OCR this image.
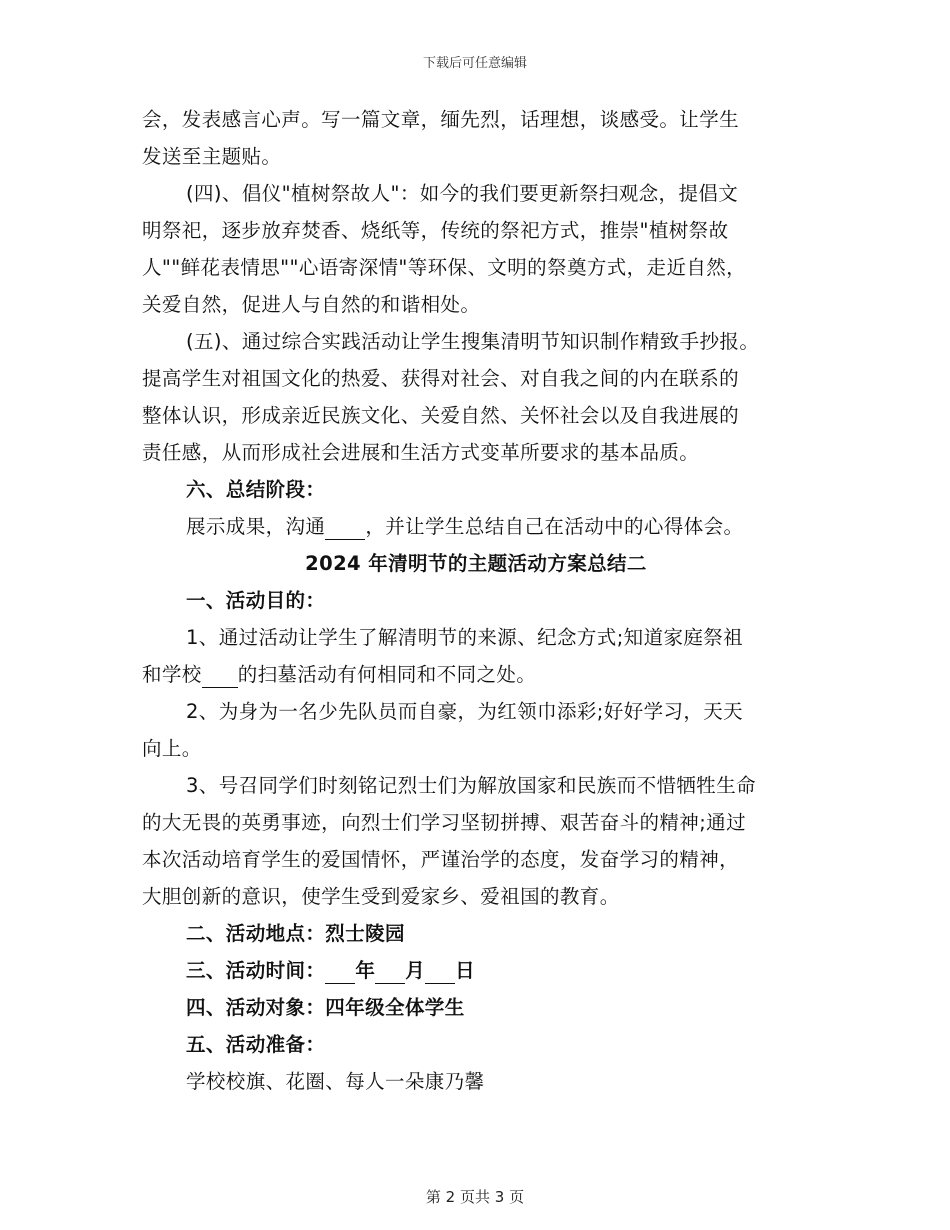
下载后可任意编辑
会，发表感言心声。写一篇文章，缅先烈，话理想，谈感受。让学生
发送至主题贴。
(四)、倡仪"植树祭故人"：如今的我们要更新祭扫观念，提倡文
明祭祀，逐步放弃焚香、烧纸等，传统的祭祀方式，推崇"植树祭故
人""鲜花表情思""心语寄深情"等环保、文明的祭奠方式，走近自然，
关爱自然，促进人与自然的和谐相处。
(五)、通过综合实践活动让学生搜集清明节知识制作精致手抄报。
提高学生对祖国文化的热爱、获得对社会、对自我之间的内在联系的
整体认识，形成亲近民族文化、关爱自然、关怀社会以及自我进展的
责任感，从而形成社会进展和生活方式变革所要求的基本品质。
六、总结阶段：
展示成果，沟通 ，并让学生总结自己在活动中的心得体会。
2024 年清明节的主题活动方案总结二
一、活动目的：
1、通过活动让学生了解清明节的来源、纪念方式;知道家庭祭祖
和学校 的扫墓活动有何相同和不同之处。
2、为身为一名少先队员而自豪，为红领巾添彩;好好学习，天天
向上。
3、号召同学们时刻铭记烈士们为解放国家和民族而不惜牺牲生命
的大无畏的英勇事迹，向烈士们学习坚韧拼搏、艰苦奋斗的精神;通过
本次活动培育学生的爱国情怀，严谨治学的态度，发奋学习的精神，
大胆创新的意识，使学生受到爱家乡、爱祖国的教育。
二、活动地点：烈士陵园
三、活动时间： 年 月 日
四、活动对象：四年级全体学生
五、活动准备：
学校校旗、花圈、每人一朵康乃馨
第 2 页共 3 页
